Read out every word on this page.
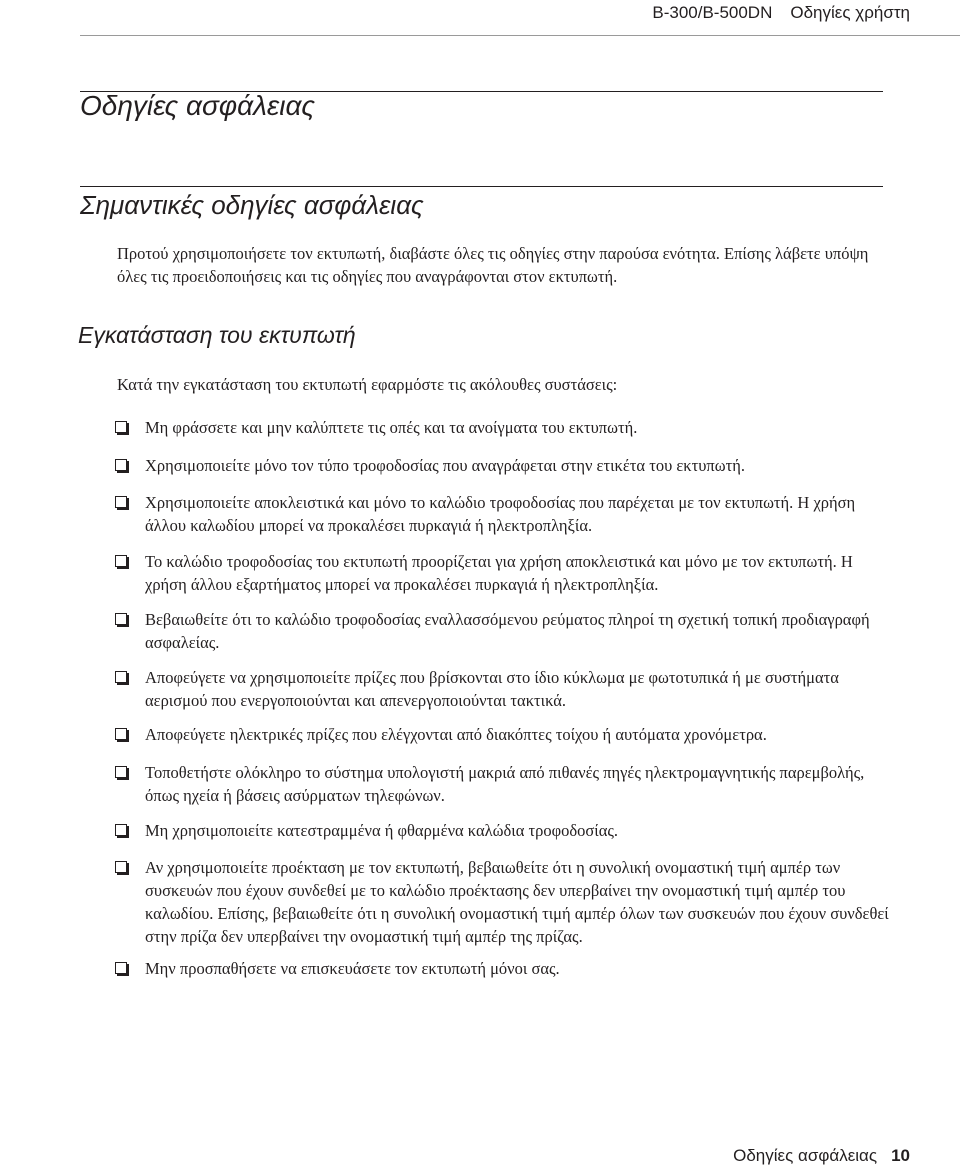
B-300/B-500DN Οδηγίες χρήστη
Οδηγίες ασφάλειας
Σημαντικές οδηγίες ασφάλειας

Προτού χρησιμοποιήσετε τον εκτυπωτή, διαβάστε όλες τις οδηγίες στην παρούσα ενότητα. Επίσης λάβετε υπόψη όλες τις προειδοποιήσεις και τις οδηγίες που αναγράφονται στον εκτυπωτή.

Εγκατάσταση του εκτυπωτή

Κατά την εγκατάσταση του εκτυπωτή εφαρμόστε τις ακόλουθες συστάσεις:

Μη φράσσετε και μην καλύπτετε τις οπές και τα ανοίγματα του εκτυπωτή.
Χρησιμοποιείτε μόνο τον τύπο τροφοδοσίας που αναγράφεται στην ετικέτα του εκτυπωτή.
Χρησιμοποιείτε αποκλειστικά και μόνο το καλώδιο τροφοδοσίας που παρέχεται με τον εκτυπωτή. Η χρήση άλλου καλωδίου μπορεί να προκαλέσει πυρκαγιά ή ηλεκτροπληξία.
Το καλώδιο τροφοδοσίας του εκτυπωτή προορίζεται για χρήση αποκλειστικά και μόνο με τον εκτυπωτή. Η χρήση άλλου εξαρτήματος μπορεί να προκαλέσει πυρκαγιά ή ηλεκτροπληξία.
Βεβαιωθείτε ότι το καλώδιο τροφοδοσίας εναλλασσόμενου ρεύματος πληροί τη σχετική τοπική προδιαγραφή ασφαλείας.
Αποφεύγετε να χρησιμοποιείτε πρίζες που βρίσκονται στο ίδιο κύκλωμα με φωτοτυπικά ή με συστήματα αερισμού που ενεργοποιούνται και απενεργοποιούνται τακτικά.
Αποφεύγετε ηλεκτρικές πρίζες που ελέγχονται από διακόπτες τοίχου ή αυτόματα χρονόμετρα.
Τοποθετήστε ολόκληρο το σύστημα υπολογιστή μακριά από πιθανές πηγές ηλεκτρομαγνητικής παρεμβολής, όπως ηχεία ή βάσεις ασύρματων τηλεφώνων.
Μη χρησιμοποιείτε κατεστραμμένα ή φθαρμένα καλώδια τροφοδοσίας.
Αν χρησιμοποιείτε προέκταση με τον εκτυπωτή, βεβαιωθείτε ότι η συνολική ονομαστική τιμή αμπέρ των συσκευών που έχουν συνδεθεί με το καλώδιο προέκτασης δεν υπερβαίνει την ονομαστική τιμή αμπέρ του καλωδίου. Επίσης, βεβαιωθείτε ότι η συνολική ονομαστική τιμή αμπέρ όλων των συσκευών που έχουν συνδεθεί στην πρίζα δεν υπερβαίνει την ονομαστική τιμή αμπέρ της πρίζας.
Μην προσπαθήσετε να επισκευάσετε τον εκτυπωτή μόνοι σας.
Οδηγίες ασφάλειας 10
